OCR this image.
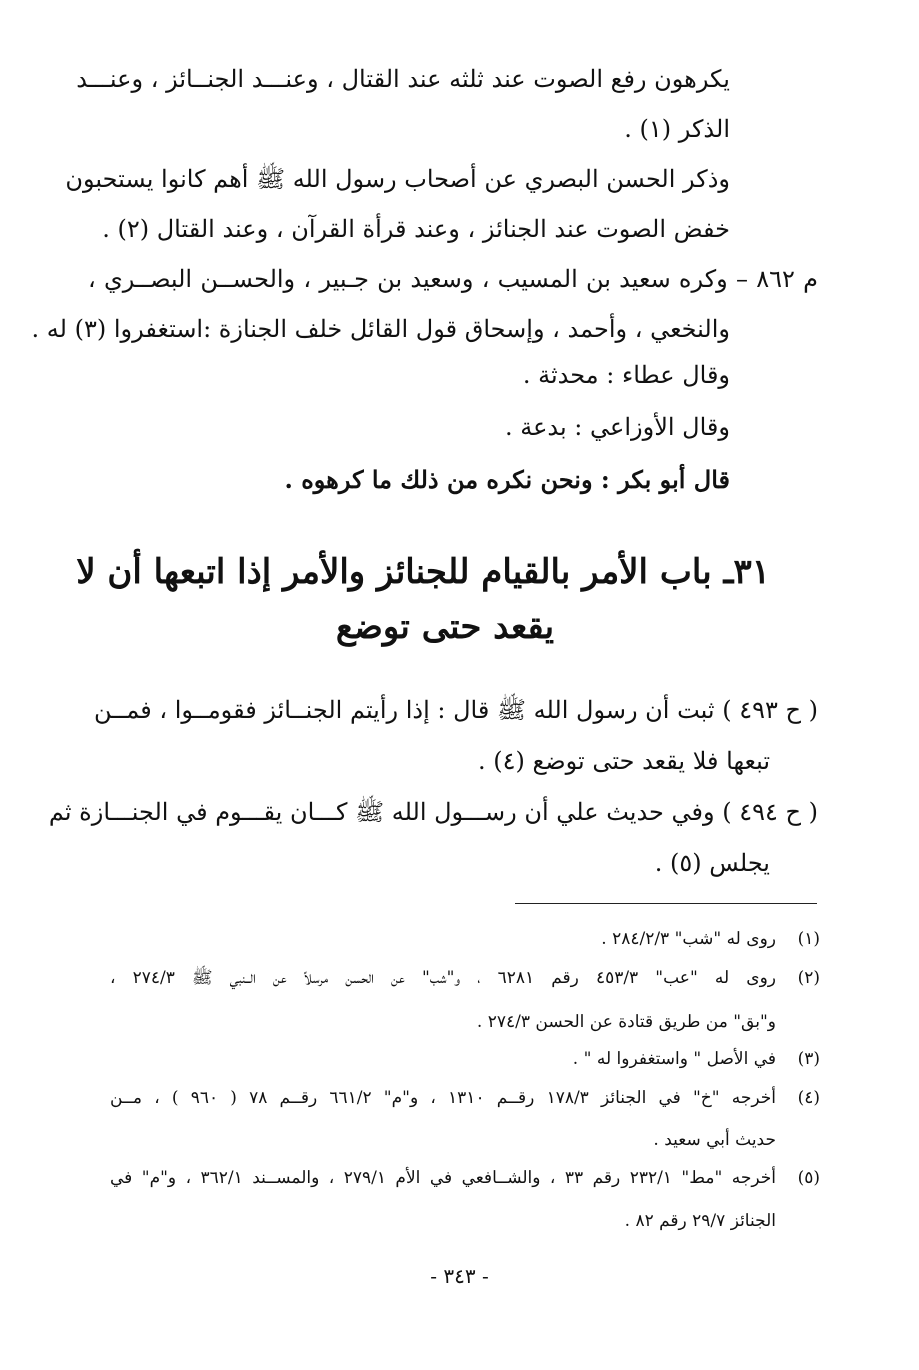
يكرهون رفع الصوت عند ثلثه عند القتال ، وعنـــد الجنــائز ، وعنـــد
الذكر (١) .
وذكر الحسن البصري عن أصحاب رسول الله ﷺ أهم كانوا يستحبون
خفض الصوت عند الجنائز ، وعند قرأة القرآن ، وعند القتال (٢) .
م ٨٦٢ – وكره سعيد بن المسيب ، وسعيد بن جـبير ، والحســن البصــري ،
والنخعي ، وأحمد ، وإسحاق قول القائل خلف الجنازة :استغفروا (٣) له .
وقال عطاء : محدثة .
وقال الأوزاعي : بدعة .
قال أبو بكر : ونحن نكره من ذلك ما كرهوه .
٣١ـ باب الأمر بالقيام للجنائز والأمر إذا اتبعها أن لا
يقعد حتى توضع
( ح ٤٩٣ ) ثبت أن رسول الله ﷺ قال : إذا رأيتم الجنــائز فقومــوا ، فمــن
تبعها فلا يقعد حتى توضع (٤) .
( ح ٤٩٤ ) وفي حديث علي أن رســـول الله ﷺ كـــان يقـــوم في الجنـــازة ثم
يجلس (٥) .
(١)
روى له "شب" ٢٨٤/٢/٣ .
(٢)
روى له "عب" ٤٥٣/٣ رقم ٦٢٨١ ، و"شب" عن الحسن مرسلاً عن الــنبي ﷺ ٢٧٤/٣ ،
و"بق" من طريق قتادة عن الحسن ٢٧٤/٣ .
(٣)
في الأصل " واستغفروا له " .
(٤)
أخرجه "خ" في الجنائز ١٧٨/٣ رقــم ١٣١٠ ، و"م" ٦٦١/٢ رقــم ٧٨ ( ٩٦٠ ) ، مــن
حديث أبي سعيد .
(٥)
أخرجه "مط" ٢٣٢/١ رقم ٣٣ ، والشــافعي في الأم ٢٧٩/١ ، والمســند ٣٦٢/١ ، و"م" في
الجنائز ٢٩/٧ رقم ٨٢ .
- ٣٤٣ -
